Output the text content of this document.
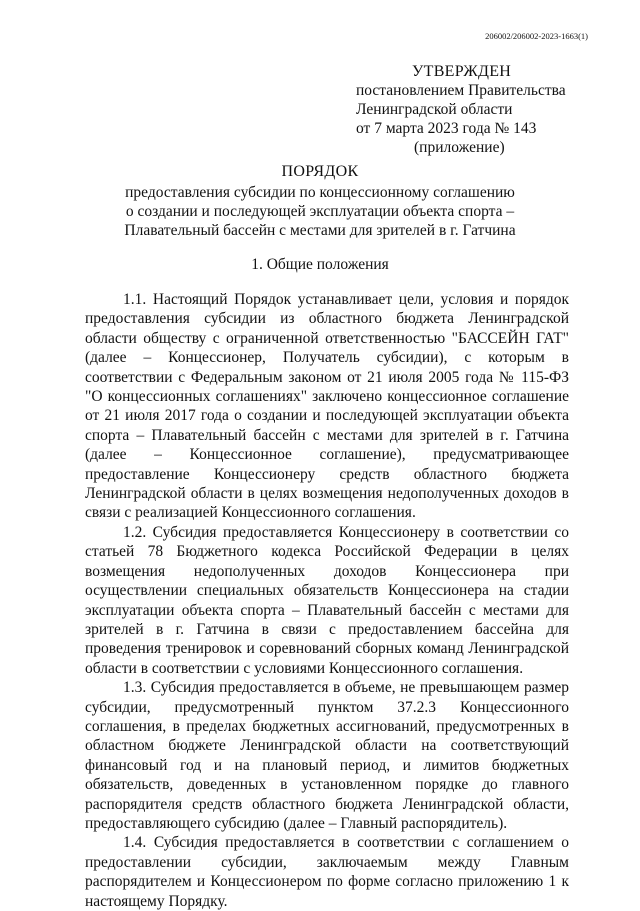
206002/206002-2023-1663(1)
УТВЕРЖДЕН
постановлением Правительства
Ленинградской области
от 7 марта 2023 года № 143
(приложение)
ПОРЯДОК
предоставления субсидии по концессионному соглашению
о создании и последующей эксплуатации объекта спорта –
Плавательный бассейн с местами для зрителей в г. Гатчина
1. Общие положения

1.1. Настоящий Порядок устанавливает цели, условия и порядок предоставления субсидии из областного бюджета Ленинградской области обществу с ограниченной ответственностью "БАССЕЙН ГАТ" (далее – Концессионер, Получатель субсидии), с которым в соответствии с Федеральным законом от 21 июля 2005 года № 115-ФЗ "О концессионных соглашениях" заключено концессионное соглашение от 21 июля 2017 года о создании и последующей эксплуатации объекта спорта – Плавательный бассейн с местами для зрителей в г. Гатчина (далее – Концессионное соглашение), предусматривающее предоставление Концессионеру средств областного бюджета Ленинградской области в целях возмещения недополученных доходов в связи с реализацией Концессионного соглашения.

1.2. Субсидия предоставляется Концессионеру в соответствии со статьей 78 Бюджетного кодекса Российской Федерации в целях возмещения недополученных доходов Концессионера при осуществлении специальных обязательств Концессионера на стадии эксплуатации объекта спорта – Плавательный бассейн с местами для зрителей в г. Гатчина в связи с предоставлением бассейна для проведения тренировок и соревнований сборных команд Ленинградской области в соответствии с условиями Концессионного соглашения.

1.3. Субсидия предоставляется в объеме, не превышающем размер субсидии, предусмотренный пунктом 37.2.3 Концессионного соглашения, в пределах бюджетных ассигнований, предусмотренных в областном бюджете Ленинградской области на соответствующий финансовый год и на плановый период, и лимитов бюджетных обязательств, доведенных в установленном порядке до главного распорядителя средств областного бюджета Ленинградской области, предоставляющего субсидию (далее – Главный распорядитель).

1.4. Субсидия предоставляется в соответствии с соглашением о предоставлении субсидии, заключаемым между Главным распорядителем и Концессионером по форме согласно приложению 1 к настоящему Порядку.
